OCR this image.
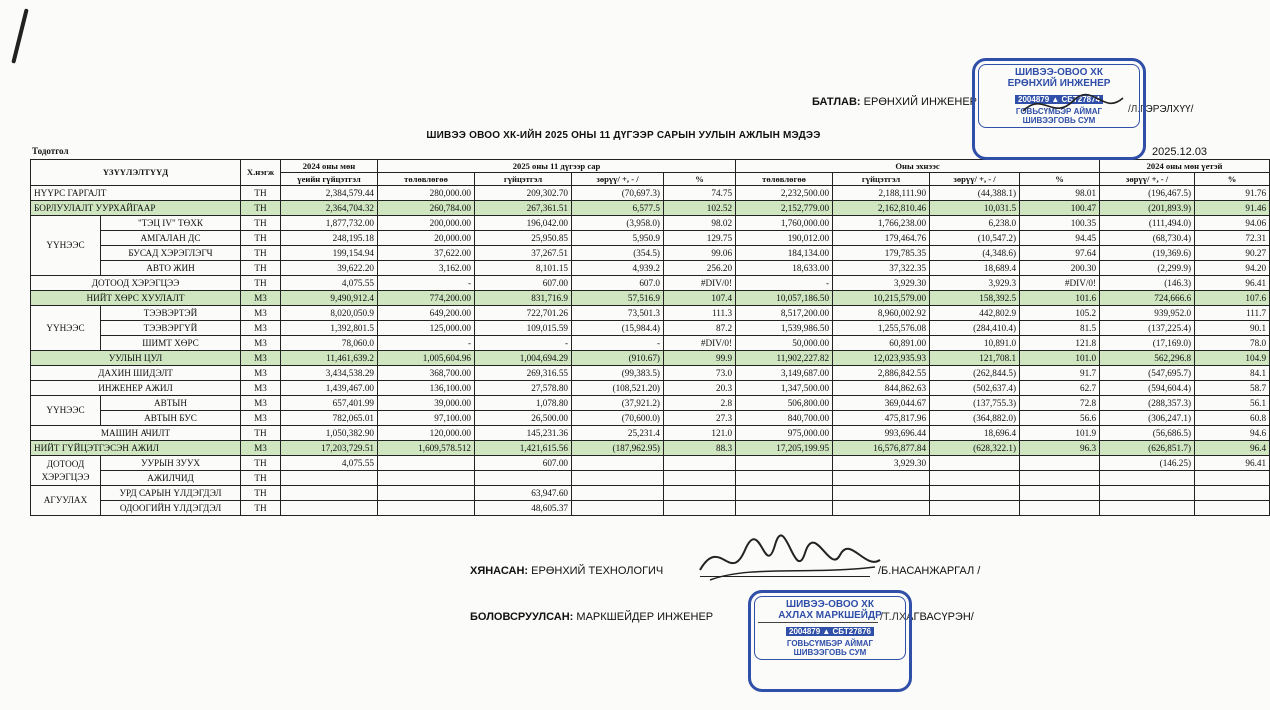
БАТЛАВ: ЕРӨНХИЙ ИНЖЕНЕР
/Л.ГЭРЭЛХҮҮ/
ШИВЭЭ ОВОО ХК-ИЙН 2025 ОНЫ 11 ДҮГЭЭР САРЫН УУЛЫН АЖЛЫН МЭДЭЭ
Тодотгол	2025.12.03
ҮЗҮҮЛЭЛТҮҮД		Х.нэгж	2024 оны мөн	2025 оны 11 дүгээр сар				Оны эхнээс				2024 оны мөн үетэй	
			үеийн гүйцэтгэл	төлөвлөгөө	гүйцэтгэл	зөрүү/ +, - /	%	төлөвлөгөө	гүйцэтгэл	зөрүү/ +, - /	%	зөрүү/ +, - /	%
НҮҮРС ГАРГАЛТ		ТН	2,384,579.44	280,000.00	209,302.70	(70,697.3)	74.75	2,232,500.00	2,188,111.90	(44,388.1)	98.01	(196,467.5)	91.76
БОРЛУУЛАЛТ УУРХАЙГААР		ТН	2,364,704.32	260,784.00	267,361.51	6,577.5	102.52	2,152,779.00	2,162,810.46	10,031.5	100.47	(201,893.9)	91.46
ҮҮНЭЭС	"ТЭЦ IV" ТӨХК	ТН	1,877,732.00	200,000.00	196,042.00	(3,958.0)	98.02	1,760,000.00	1,766,238.00	6,238.0	100.35	(111,494.0)	94.06
	АМГАЛАН ДС	ТН	248,195.18	20,000.00	25,950.85	5,950.9	129.75	190,012.00	179,464.76	(10,547.2)	94.45	(68,730.4)	72.31
	БУСАД ХЭРЭГЛЭГЧ	ТН	199,154.94	37,622.00	37,267.51	(354.5)	99.06	184,134.00	179,785.35	(4,348.6)	97.64	(19,369.6)	90.27
	АВТО ЖИН	ТН	39,622.20	3,162.00	8,101.15	4,939.2	256.20	18,633.00	37,322.35	18,689.4	200.30	(2,299.9)	94.20
ДОТООД ХЭРЭГЦЭЭ		ТН	4,075.55	-	607.00	607.0	#DIV/0!	-	3,929.30	3,929.3	#DIV/0!	(146.3)	96.41
НИЙТ ХӨРС ХУУЛАЛТ		М3	9,490,912.4	774,200.00	831,716.9	57,516.9	107.4	10,057,186.50	10,215,579.00	158,392.5	101.6	724,666.6	107.6
ҮҮНЭЭС	ТЭЭВЭРТЭЙ	М3	8,020,050.9	649,200.00	722,701.26	73,501.3	111.3	8,517,200.00	8,960,002.92	442,802.9	105.2	939,952.0	111.7
	ТЭЭВЭРГҮЙ	М3	1,392,801.5	125,000.00	109,015.59	(15,984.4)	87.2	1,539,986.50	1,255,576.08	(284,410.4)	81.5	(137,225.4)	90.1
	ШИМТ ХӨРС	М3	78,060.0	-	-	-	#DIV/0!	50,000.00	60,891.00	10,891.0	121.8	(17,169.0)	78.0
УУЛЫН ЦУЛ		М3	11,461,639.2	1,005,604.96	1,004,694.29	(910.67)	99.9	11,902,227.82	12,023,935.93	121,708.1	101.0	562,296.8	104.9
ДАХИН ШИДЭЛТ		М3	3,434,538.29	368,700.00	269,316.55	(99,383.5)	73.0	3,149,687.00	2,886,842.55	(262,844.5)	91.7	(547,695.7)	84.1
ИНЖЕНЕР АЖИЛ		М3	1,439,467.00	136,100.00	27,578.80	(108,521.20)	20.3	1,347,500.00	844,862.63	(502,637.4)	62.7	(594,604.4)	58.7
ҮҮНЭЭС	АВТЫН	М3	657,401.99	39,000.00	1,078.80	(37,921.2)	2.8	506,800.00	369,044.67	(137,755.3)	72.8	(288,357.3)	56.1
	АВТЫН БУС	М3	782,065.01	97,100.00	26,500.00	(70,600.0)	27.3	840,700.00	475,817.96	(364,882.0)	56.6	(306,247.1)	60.8
МАШИН АЧИЛТ		ТН	1,050,382.90	120,000.00	145,231.36	25,231.4	121.0	975,000.00	993,696.44	18,696.4	101.9	(56,686.5)	94.6
НИЙТ ГҮЙЦЭТГЭСЭН АЖИЛ		М3	17,203,729.51	1,609,578.512	1,421,615.56	(187,962.95)	88.3	17,205,199.95	16,576,877.84	(628,322.1)	96.3	(626,851.7)	96.4
ДОТООД ХЭРЭГЦЭЭ	УУРЫН ЗУУХ	ТН	4,075.55		607.00				3,929.30			(146.25)	96.41
	АЖИЛЧИД	ТН											
АГУУЛАХ	УРД САРЫН ҮЛДЭГДЭЛ	ТН			63,947.60								
	ОДООГИЙН ҮЛДЭГДЭЛ	ТН			48,605.37								
ХЯНАСАН: ЕРӨНХИЙ ТЕХНОЛОГИЧ	/Б.НАСАНЖАРГАЛ /
БОЛОВСРУУЛСАН: МАРКШЕЙДЕР ИНЖЕНЕР	/Т.ЛХАГВАСҮРЭН/
ШИВЭЭ-ОВОО ХК
ЕРӨНХИЙ ИНЖЕНЕР
2004879 ▲ СБТ27874
ГОВЬСҮМБЭР АЙМАГ
ШИВЭЭГОВЬ СУМ
ШИВЭЭ-ОВОО ХК
АХЛАХ МАРКШЕЙДР
2004879 ▲ СБТ27876
ГОВЬСҮМБЭР АЙМАГ
ШИВЭЭГОВЬ СУМ
